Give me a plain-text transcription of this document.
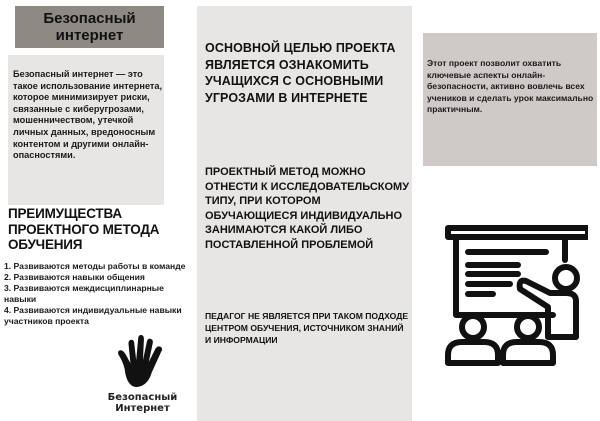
Безопасный интернет
Безопасный интернет — это такое использование интернета, которое минимизирует риски, связанные с киберугрозами, мошенничеством, утечкой личных данных, вредоносным контентом и другими онлайн-опасностями.
ПРЕИМУЩЕСТВА ПРОЕКТНОГО МЕТОДА ОБУЧЕНИЯ
1. Развиваются методы работы в команде
2. Развиваются навыки общения
3. Развиваются междисциплинарные навыки
4. Развиваются индивидуальные навыки участников проекта
Безопасный Интернет
ОСНОВНОЙ ЦЕЛЬЮ ПРОЕКТА ЯВЛЯЕТСЯ ОЗНАКОМИТЬ УЧАЩИХСЯ С ОСНОВНЫМИ УГРОЗАМИ В ИНТЕРНЕТЕ
ПРОЕКТНЫЙ МЕТОД МОЖНО ОТНЕСТИ К ИССЛЕДОВАТЕЛЬСКОМУ ТИПУ, ПРИ КОТОРОМ ОБУЧАЮЩИЕСЯ ИНДИВИДУАЛЬНО ЗАНИМАЮТСЯ КАКОЙ ЛИБО ПОСТАВЛЕННОЙ ПРОБЛЕМОЙ
ПЕДАГОГ НЕ ЯВЛЯЕТСЯ ПРИ ТАКОМ ПОДХОДЕ ЦЕНТРОМ ОБУЧЕНИЯ, ИСТОЧНИКОМ ЗНАНИЙ И ИНФОРМАЦИИ
Этот проект позволит охватить ключевые аспекты онлайн-безопасности, активно вовлечь всех учеников и сделать урок максимально практичным.
